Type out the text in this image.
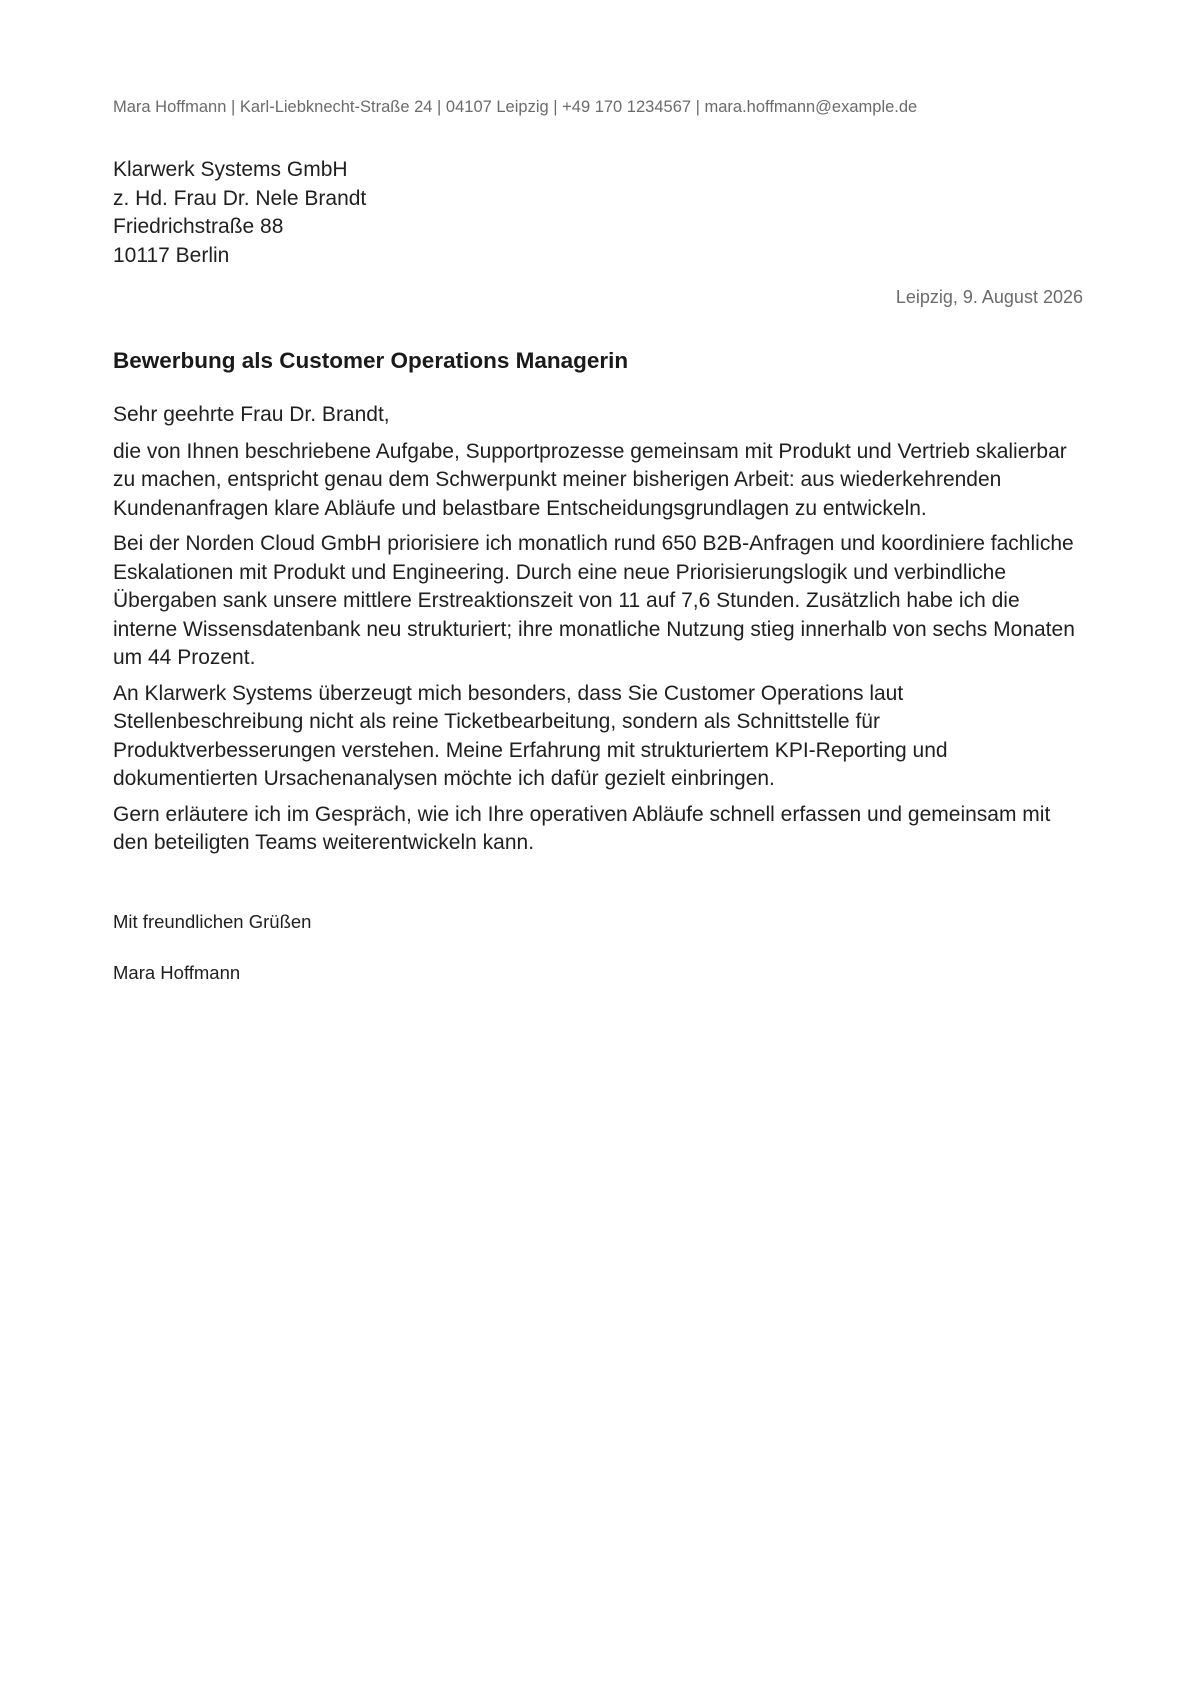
Mara Hoffmann | Karl-Liebknecht-Straße 24 | 04107 Leipzig | +49 170 1234567 | mara.hoffmann@example.de
Klarwerk Systems GmbH
z. Hd. Frau Dr. Nele Brandt
Friedrichstraße 88
10117 Berlin
Leipzig, 9. August 2026
Bewerbung als Customer Operations Managerin

Sehr geehrte Frau Dr. Brandt,

die von Ihnen beschriebene Aufgabe, Supportprozesse gemeinsam mit Produkt und Vertrieb skalierbar zu machen, entspricht genau dem Schwerpunkt meiner bisherigen Arbeit: aus wiederkehrenden Kundenanfragen klare Abläufe und belastbare Entscheidungsgrundlagen zu entwickeln.

Bei der Norden Cloud GmbH priorisiere ich monatlich rund 650 B2B-Anfragen und koordiniere fachliche Eskalationen mit Produkt und Engineering. Durch eine neue Priorisierungslogik und verbindliche Übergaben sank unsere mittlere Erstreaktionszeit von 11 auf 7,6 Stunden. Zusätzlich habe ich die interne Wissensdatenbank neu strukturiert; ihre monatliche Nutzung stieg innerhalb von sechs Monaten um 44 Prozent.

An Klarwerk Systems überzeugt mich besonders, dass Sie Customer Operations laut Stellenbeschreibung nicht als reine Ticketbearbeitung, sondern als Schnittstelle für Produktverbesserungen verstehen. Meine Erfahrung mit strukturiertem KPI-Reporting und dokumentierten Ursachenanalysen möchte ich dafür gezielt einbringen.

Gern erläutere ich im Gespräch, wie ich Ihre operativen Abläufe schnell erfassen und gemeinsam mit den beteiligten Teams weiterentwickeln kann.

Mit freundlichen Grüßen
Mara Hoffmann
